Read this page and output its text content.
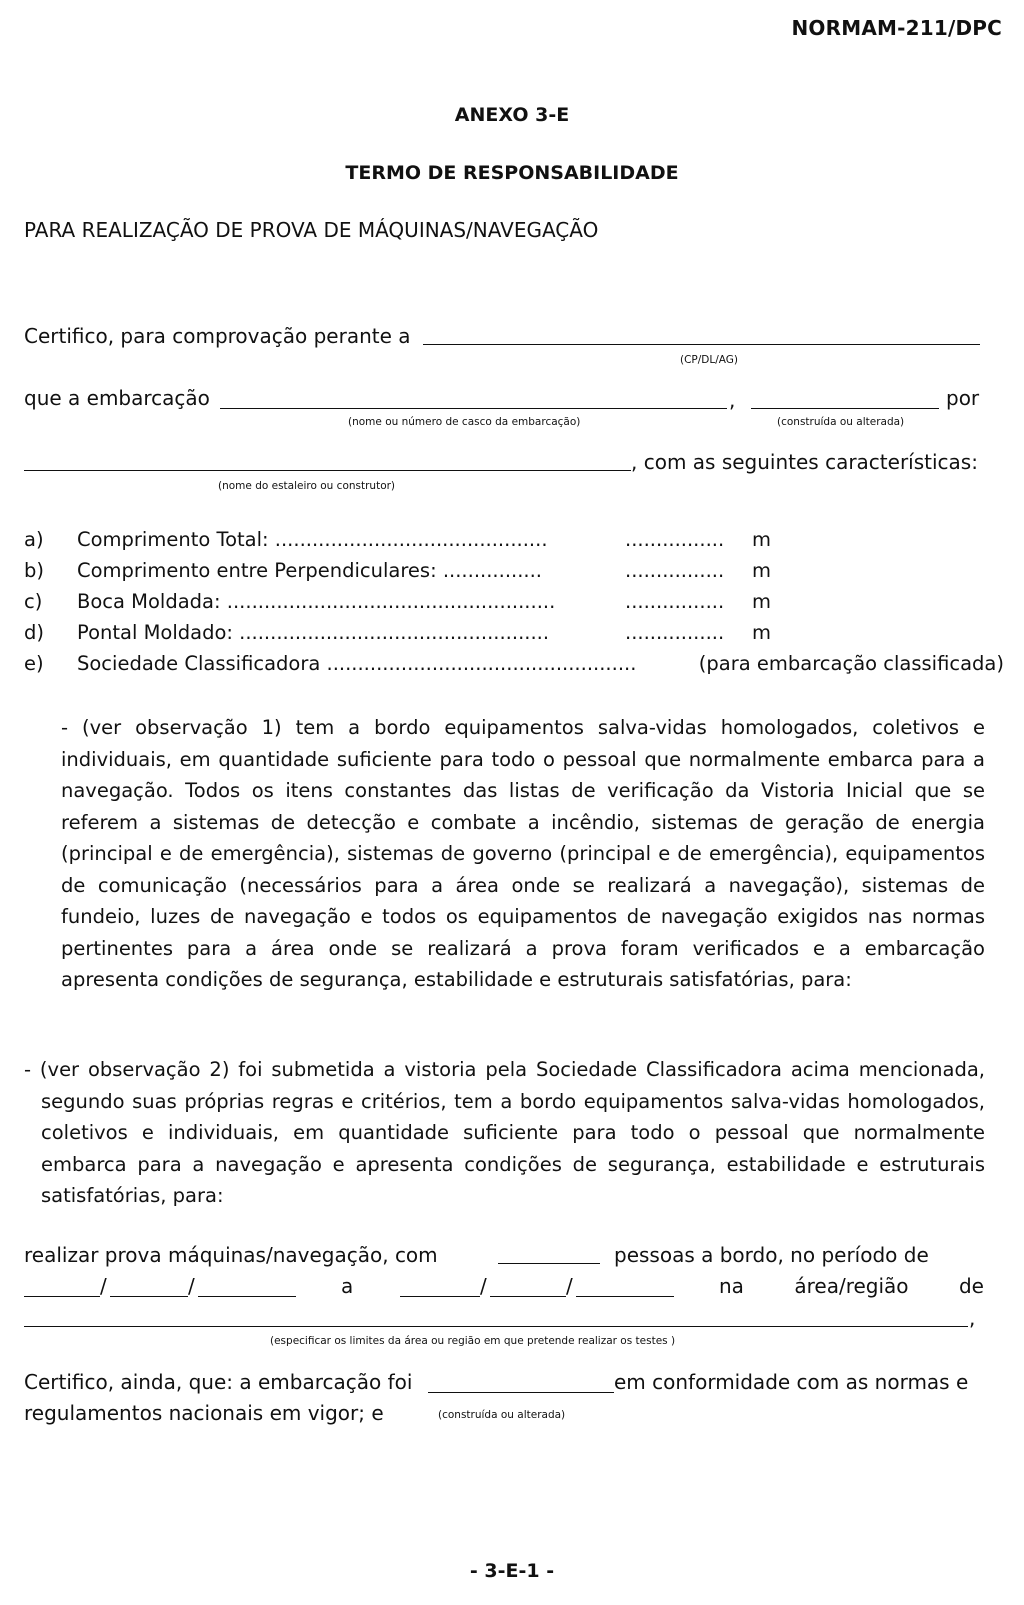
NORMAM-211/DPC
ANEXO 3-E
TERMO DE RESPONSABILIDADE
PARA REALIZAÇÃO DE PROVA DE MÁQUINAS/NAVEGAÇÃO
Certifico, para comprovação perante a
(CP/DL/AG)
que a embarcação	,	por
(nome ou número de casco da embarcação)	(construída ou alterada)
, com as seguintes características:
(nome do estaleiro ou construtor)
a) Comprimento Total: ............................................	................ m
b) Comprimento entre Perpendiculares: ................	................ m
c) Boca Moldada: .....................................................	................ m
d) Pontal Moldado: ..................................................	................ m
e) Sociedade Classificadora ..................................................	(para embarcação classificada)
- (ver observação 1) tem a bordo equipamentos salva-vidas homologados, coletivos e individuais, em quantidade suficiente para todo o pessoal que normalmente embarca para a navegação. Todos os itens constantes das listas de verificação da Vistoria Inicial que se referem a sistemas de detecção e combate a incêndio, sistemas de geração de energia (principal e de emergência), sistemas de governo (principal e de emergência), equipamentos de comunicação (necessários para a área onde se realizará a navegação), sistemas de fundeio, luzes de navegação e todos os equipamentos de navegação exigidos nas normas pertinentes para a área onde se realizará a prova foram verificados e a embarcação apresenta condições de segurança, estabilidade e estruturais satisfatórias, para:
- (ver observação 2) foi submetida a vistoria pela Sociedade Classificadora acima mencionada, segundo suas próprias regras e critérios, tem a bordo equipamentos salva-vidas homologados, coletivos e individuais, em quantidade suficiente para todo o pessoal que normalmente embarca para a navegação e apresenta condições de segurança, estabilidade e estruturais satisfatórias, para:
realizar prova máquinas/navegação, com	pessoas a bordo, no período de
/	/	a	/	/	na área/região de
,
(especificar os limites da área ou região em que pretende realizar os testes )
Certifico, ainda, que: a embarcação foi	em conformidade com as normas e
regulamentos nacionais em vigor; e	(construída ou alterada)
- 3-E-1 -
